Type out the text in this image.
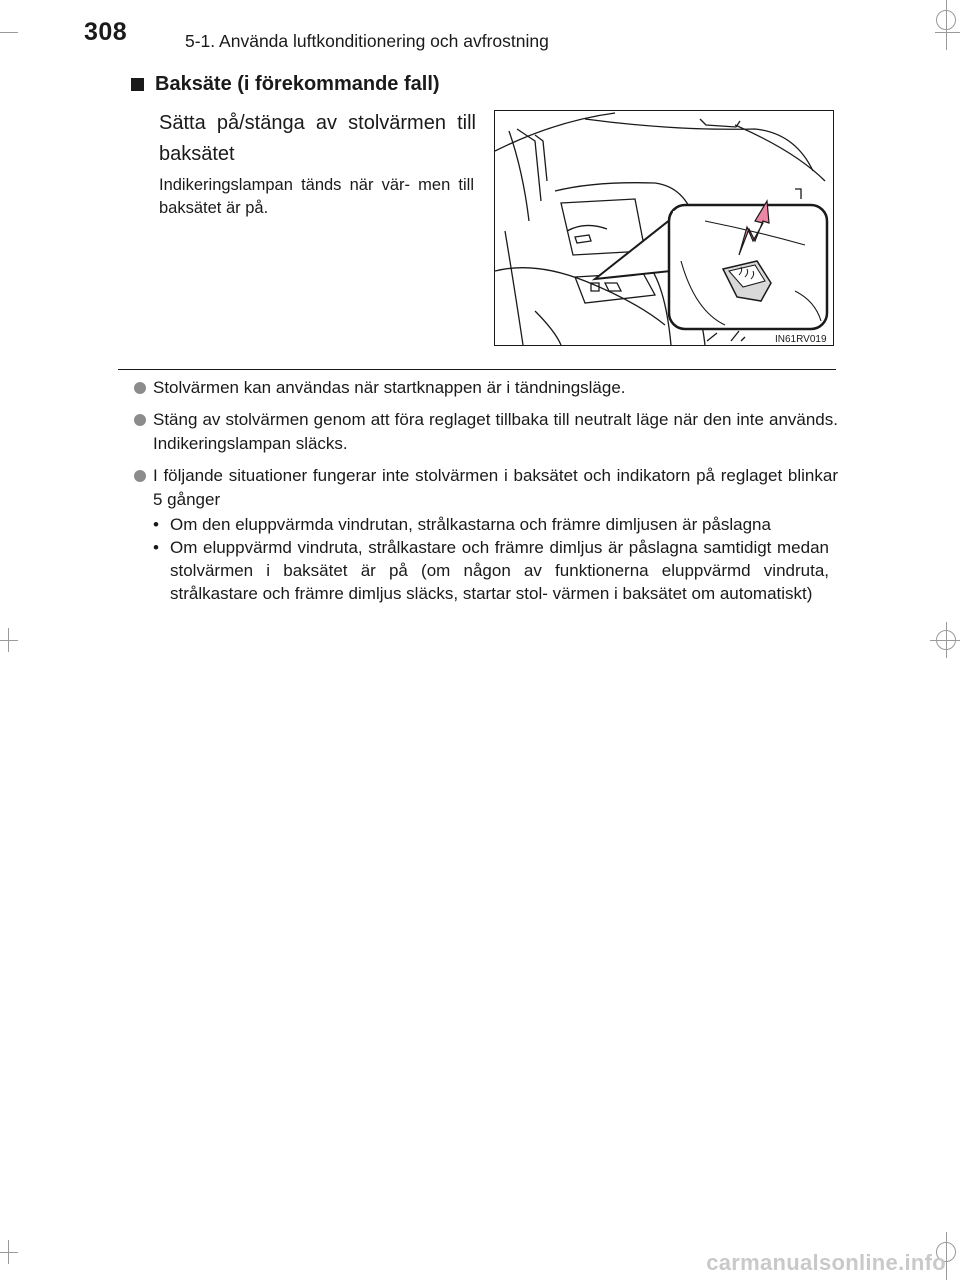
308	5-1. Använda luftkonditionering och avfrostning
Baksäte (i förekommande fall)
Sätta på/stänga av stolvärmen till baksätet
Indikeringslampan tänds när vär- men till baksätet är på.
IN61RV019
Stolvärmen kan användas när startknappen är i tändningsläge.
Stäng av stolvärmen genom att föra reglaget tillbaka till neutralt läge när den inte används. Indikeringslampan släcks.
I följande situationer fungerar inte stolvärmen i baksätet och indikatorn på reglaget blinkar 5 gånger
• Om den eluppvärmda vindrutan, strålkastarna och främre dimljusen är påslagna
• Om eluppvärmd vindruta, strålkastare och främre dimljus är påslagna samtidigt medan stolvärmen i baksätet är på (om någon av funktionerna eluppvärmd vindruta, strålkastare och främre dimljus släcks, startar stol- värmen i baksätet om automatiskt)
carmanualsonline.info
